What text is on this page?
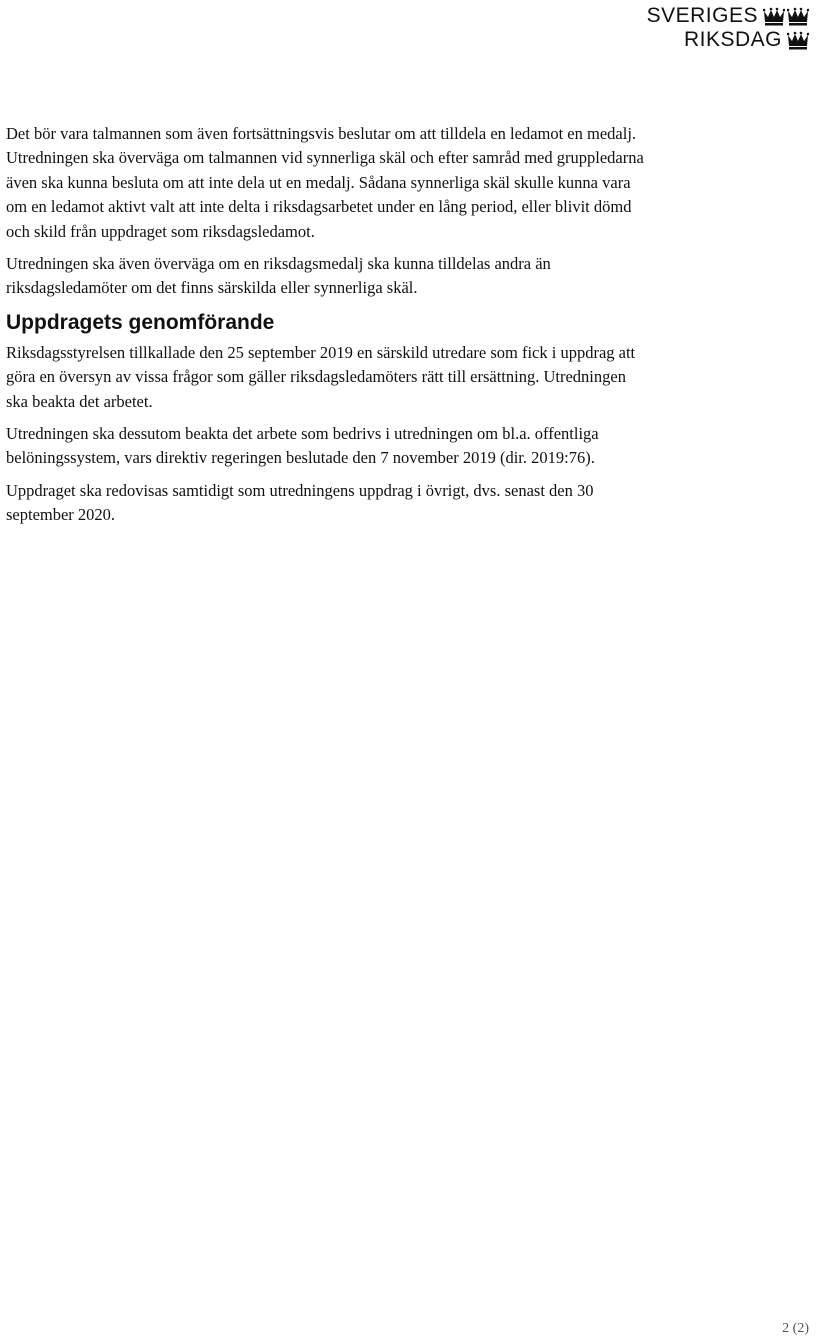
SVERIGES
RIKSDAG

Det bör vara talmannen som även fortsättningsvis beslutar om att tilldela en ledamot en medalj. Utredningen ska överväga om talmannen vid synnerliga skäl och efter samråd med gruppledarna även ska kunna besluta om att inte dela ut en medalj. Sådana synnerliga skäl skulle kunna vara om en ledamot aktivt valt att inte delta i riksdagsarbetet under en lång period, eller blivit dömd och skild från uppdraget som riksdagsledamot.

Utredningen ska även överväga om en riksdagsmedalj ska kunna tilldelas andra än riksdagsledamöter om det finns särskilda eller synnerliga skäl.

Uppdragets genomförande

Riksdagsstyrelsen tillkallade den 25 september 2019 en särskild utredare som fick i uppdrag att göra en översyn av vissa frågor som gäller riksdagsledamöters rätt till ersättning. Utredningen ska beakta det arbetet.

Utredningen ska dessutom beakta det arbete som bedrivs i utredningen om bl.a. offentliga belöningssystem, vars direktiv regeringen beslutade den 7 november 2019 (dir. 2019:76).

Uppdraget ska redovisas samtidigt som utredningens uppdrag i övrigt, dvs. senast den 30 september 2020.

2 (2)
